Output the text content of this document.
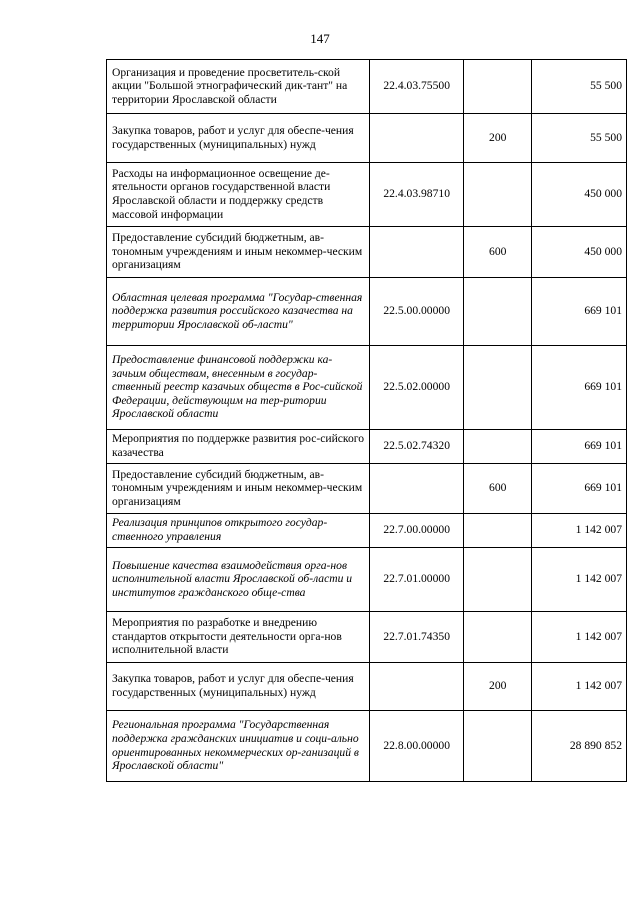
147
Организация и проведение просветитель-ской акции "Большой этнографический дик-тант" на территории Ярославской области	22.4.03.75500		55 500
Закупка товаров, работ и услуг для обеспе-чения государственных (муниципальных) нужд		200	55 500
Расходы на информационное освещение де-ятельности органов государственной власти Ярославской области и поддержку средств массовой информации	22.4.03.98710		450 000
Предоставление субсидий бюджетным, ав-тономным учреждениям и иным некоммер-ческим организациям		600	450 000
Областная целевая программа "Государ-ственная поддержка развития российского казачества на территории Ярославской об-ласти"	22.5.00.00000		669 101
Предоставление финансовой поддержки ка-зачьим обществам, внесенным в государ-ственный реестр казачьих обществ в Рос-сийской Федерации, действующим на тер-ритории Ярославской области	22.5.02.00000		669 101
Мероприятия по поддержке развития рос-сийского казачества	22.5.02.74320		669 101
Предоставление субсидий бюджетным, ав-тономным учреждениям и иным некоммер-ческим организациям		600	669 101
Реализация принципов открытого государ-ственного управления	22.7.00.00000		1 142 007
Повышение качества взаимодействия орга-нов исполнительной власти Ярославской об-ласти и институтов гражданского обще-ства	22.7.01.00000		1 142 007
Мероприятия по разработке и внедрению стандартов открытости деятельности орга-нов исполнительной власти	22.7.01.74350		1 142 007
Закупка товаров, работ и услуг для обеспе-чения государственных (муниципальных) нужд		200	1 142 007
Региональная программа "Государственная поддержка гражданских инициатив и соци-ально ориентированных некоммерческих ор-ганизаций в Ярославской области"	22.8.00.00000		28 890 852
